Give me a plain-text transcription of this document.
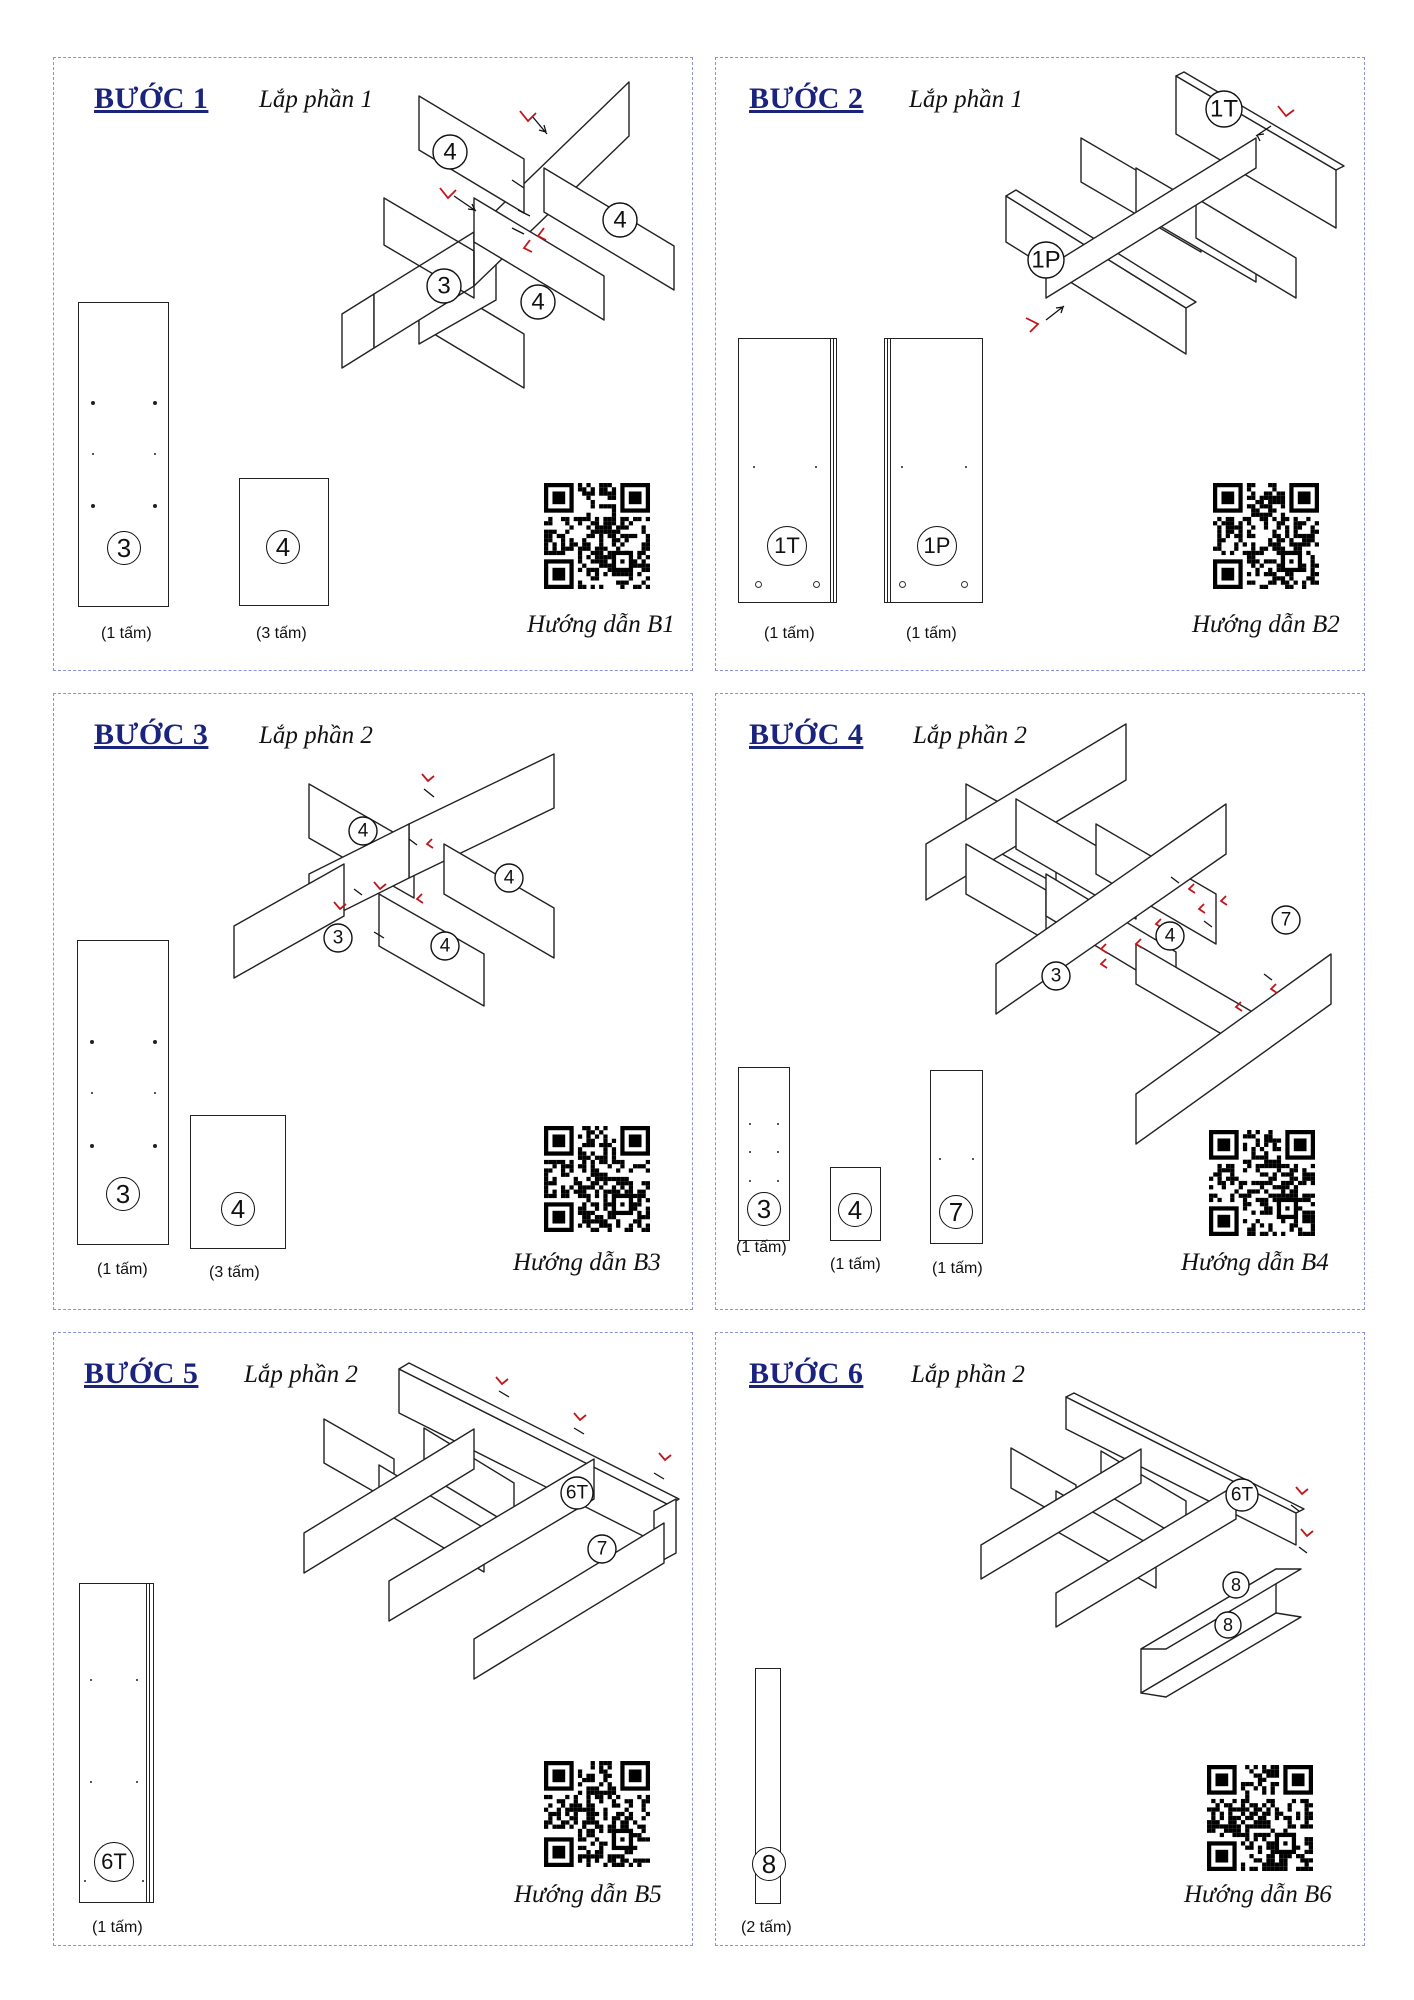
BƯỚC 1 Lắp phần 1
4
4
3
4
3
(1 tấm)
4
(3 tấm)	Hướng dẫn B1
BƯỚC 2 Lắp phần 1	1T
1P
1T
(1 tấm)
1P
(1 tấm)	Hướng dẫn B2
BƯỚC 3 Lắp phần 2
4
4
3	4
3
(1 tấm)
4
(3 tấm)	Hướng dẫn B3
BƯỚC 4 Lắp phần 2
7
4
3
3
(1 tấm)
4
(1 tấm)
7
(1 tấm)	Hướng dẫn B4
BƯỚC 5 Lắp phần 2
6T
7
6T
(1 tấm)
Hướng dẫn B5
BƯỚC 6 Lắp phần 2
6T
8
8
8
(2 tấm)
Hướng dẫn B6
